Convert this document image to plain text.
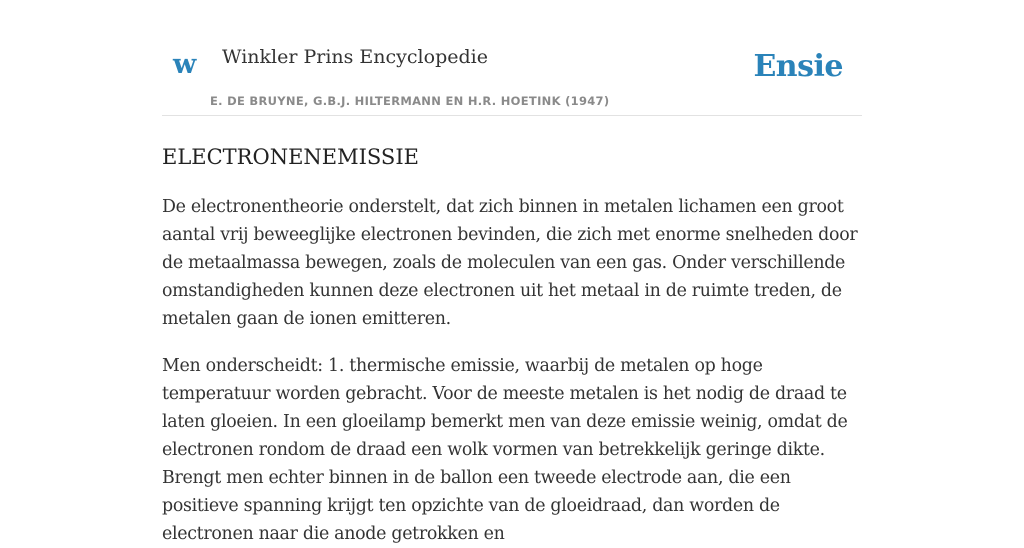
w Winkler Prins Encyclopedie
E. DE BRUYNE, G.B.J. HILTERMANN EN H.R. HOETINK (1947)
Ensie
ELECTRONENEMISSIE

De electronentheorie onderstelt, dat zich binnen in metalen lichamen een groot aantal vrij beweeglijke electronen bevinden, die zich met enorme snelheden door de metaalmassa bewegen, zoals de moleculen van een gas. Onder verschillende omstandigheden kunnen deze electronen uit het metaal in de ruimte treden, de metalen gaan de ionen emitteren.

Men onderscheidt: 1. thermische emissie, waarbij de metalen op hoge temperatuur worden gebracht. Voor de meeste metalen is het nodig de draad te laten gloeien. In een gloeilamp bemerkt men van deze emissie weinig, omdat de electronen rondom de draad een wolk vormen van betrekkelijk geringe dikte. Brengt men echter binnen in de ballon een tweede electrode aan, die een positieve spanning krijgt ten opzichte van de gloeidraad, dan worden de electronen naar die anode getrokken en
